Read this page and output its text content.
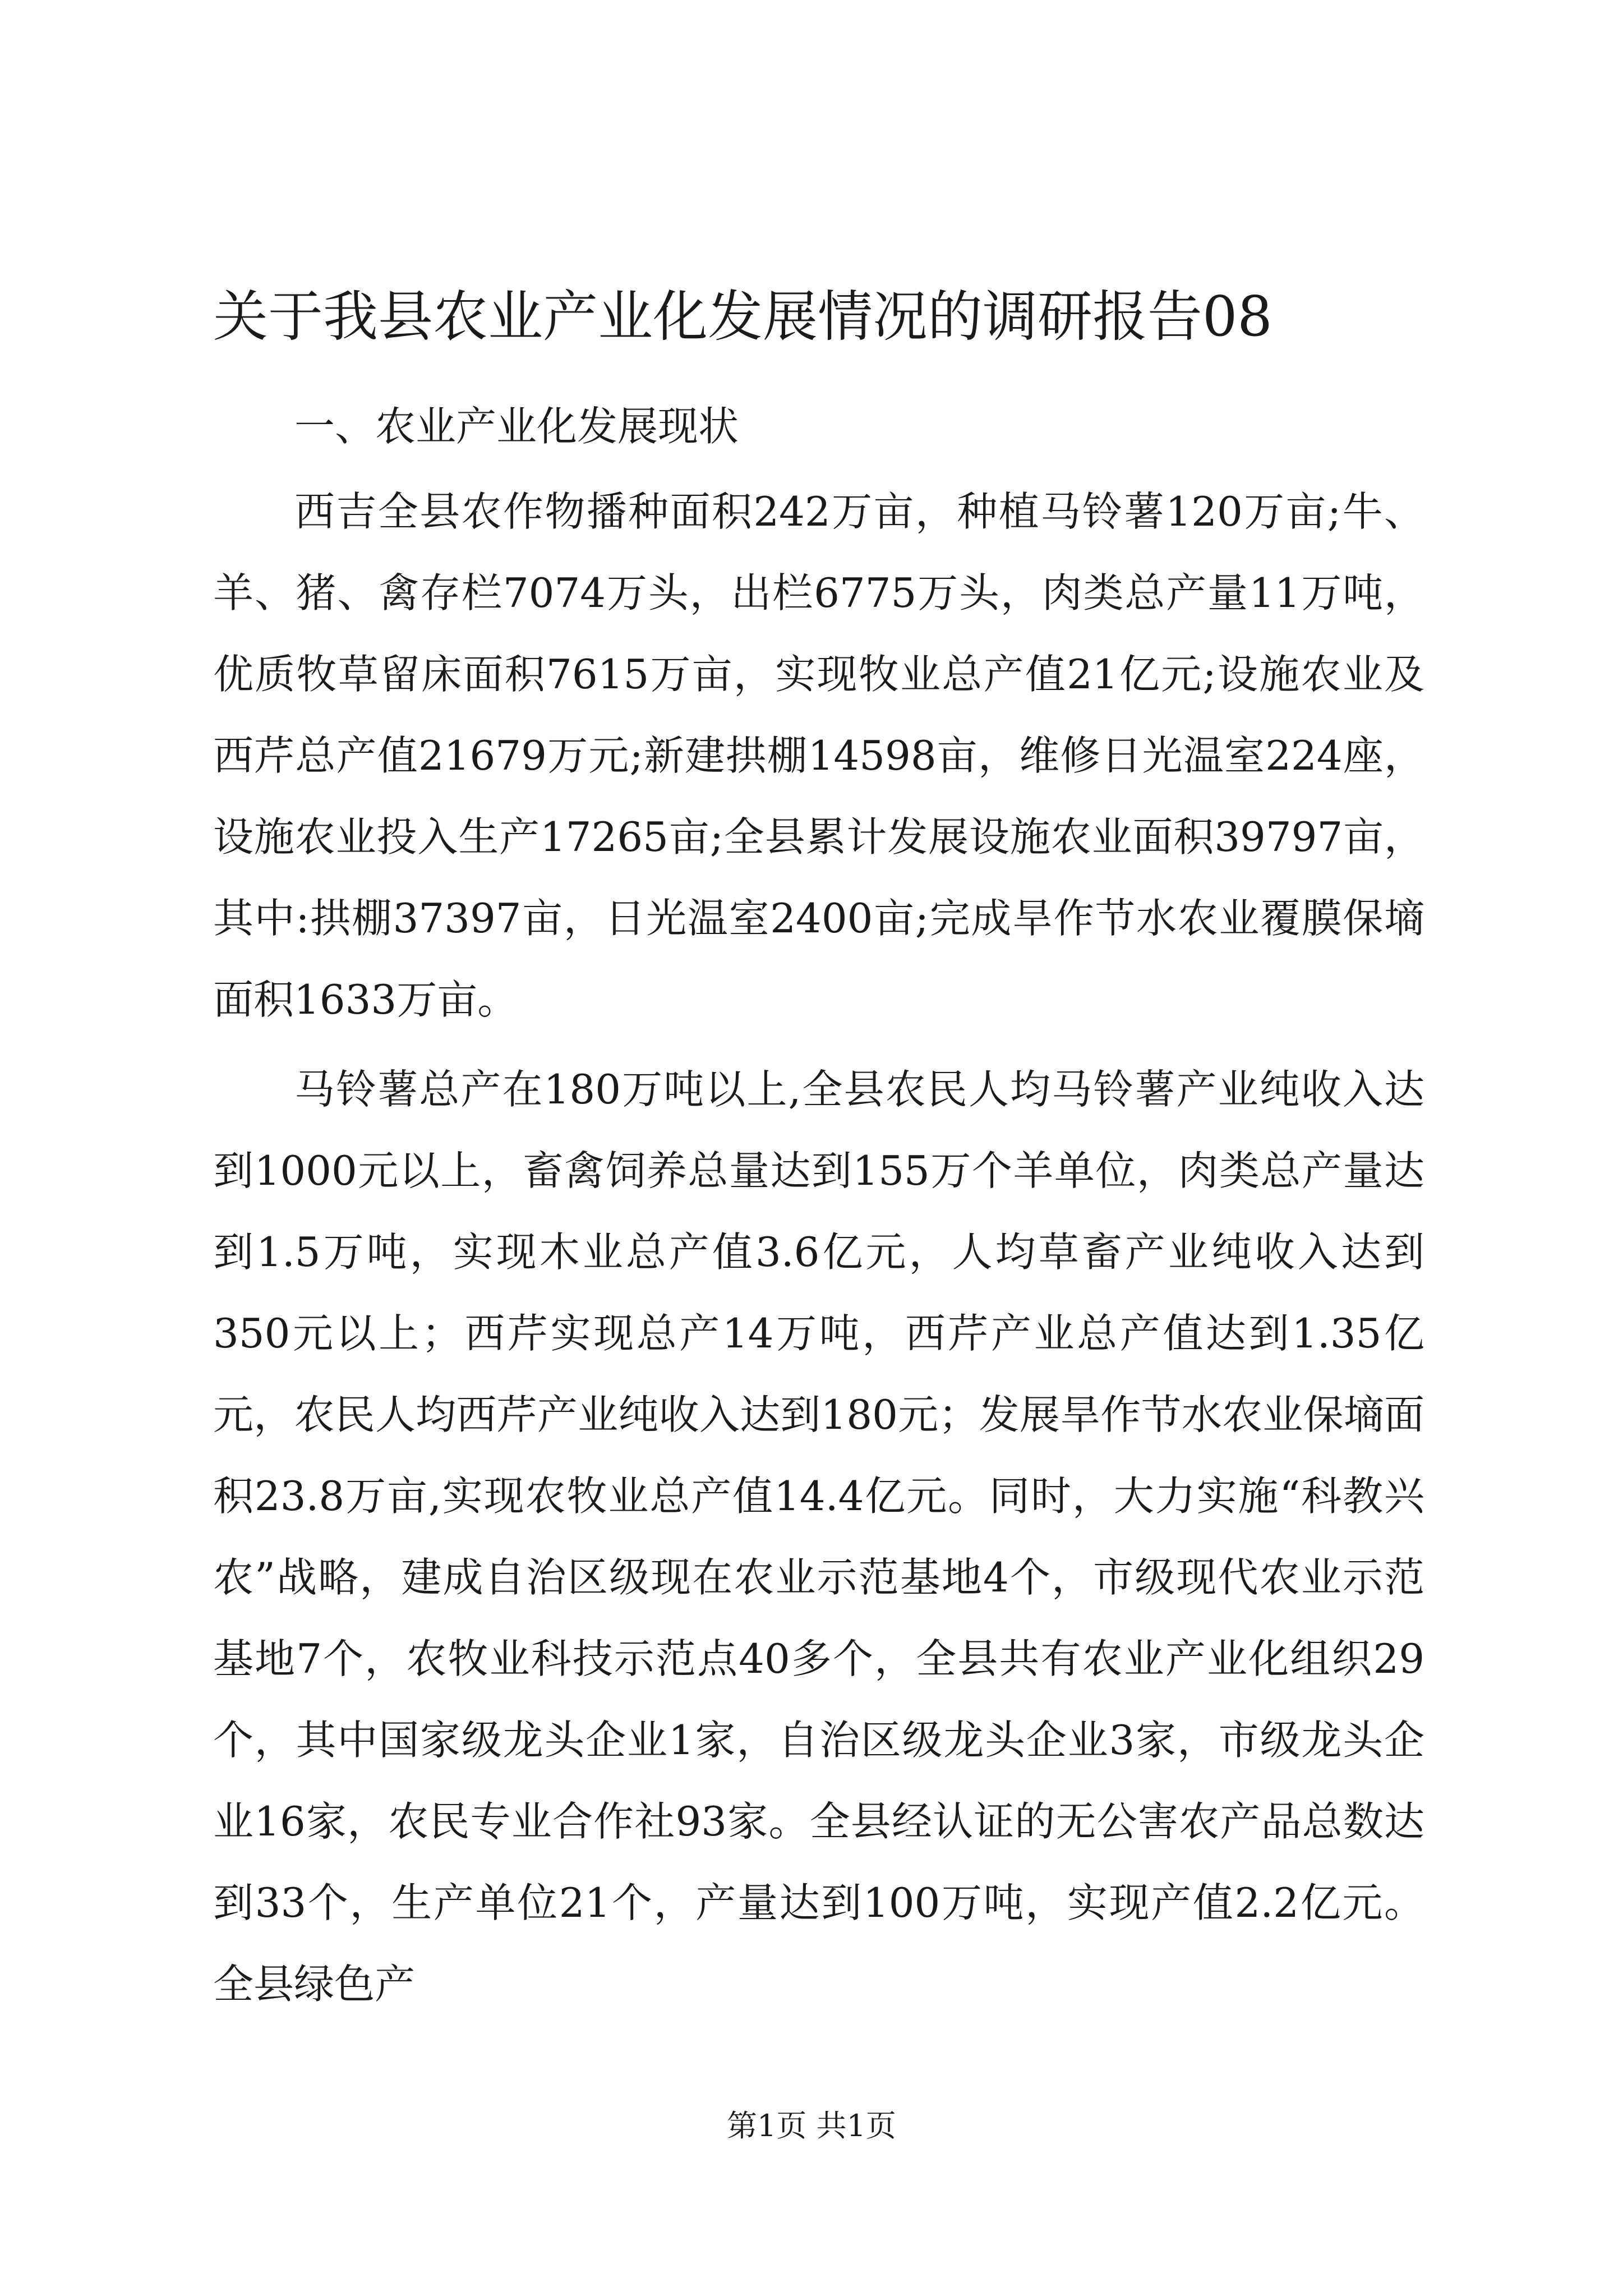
关于我县农业产业化发展情况的调研报告08

一、农业产业化发展现状

西吉全县农作物播种面积242万亩，种植马铃薯120万亩;牛、羊、猪、禽存栏7074万头，出栏6775万头，肉类总产量11万吨，优质牧草留床面积7615万亩，实现牧业总产值21亿元;设施农业及西芹总产值21679万元;新建拱棚14598亩，维修日光温室224座，设施农业投入生产17265亩;全县累计发展设施农业面积39797亩，其中:拱棚37397亩，日光温室2400亩;完成旱作节水农业覆膜保墒面积1633万亩。

马铃薯总产在180万吨以上,全县农民人均马铃薯产业纯收入达到1000元以上，畜禽饲养总量达到155万个羊单位，肉类总产量达到1.5万吨，实现木业总产值3.6亿元，人均草畜产业纯收入达到350元以上；西芹实现总产14万吨，西芹产业总产值达到1.35亿元，农民人均西芹产业纯收入达到180元；发展旱作节水农业保墒面积23.8万亩,实现农牧业总产值14.4亿元。同时，大力实施“科教兴农”战略，建成自治区级现在农业示范基地4个，市级现代农业示范基地7个，农牧业科技示范点40多个，全县共有农业产业化组织29个，其中国家级龙头企业1家，自治区级龙头企业3家，市级龙头企业16家，农民专业合作社93家。全县经认证的无公害农产品总数达到33个，生产单位21个，产量达到100万吨，实现产值2.2亿元。全县绿色产

第1页 共1页
